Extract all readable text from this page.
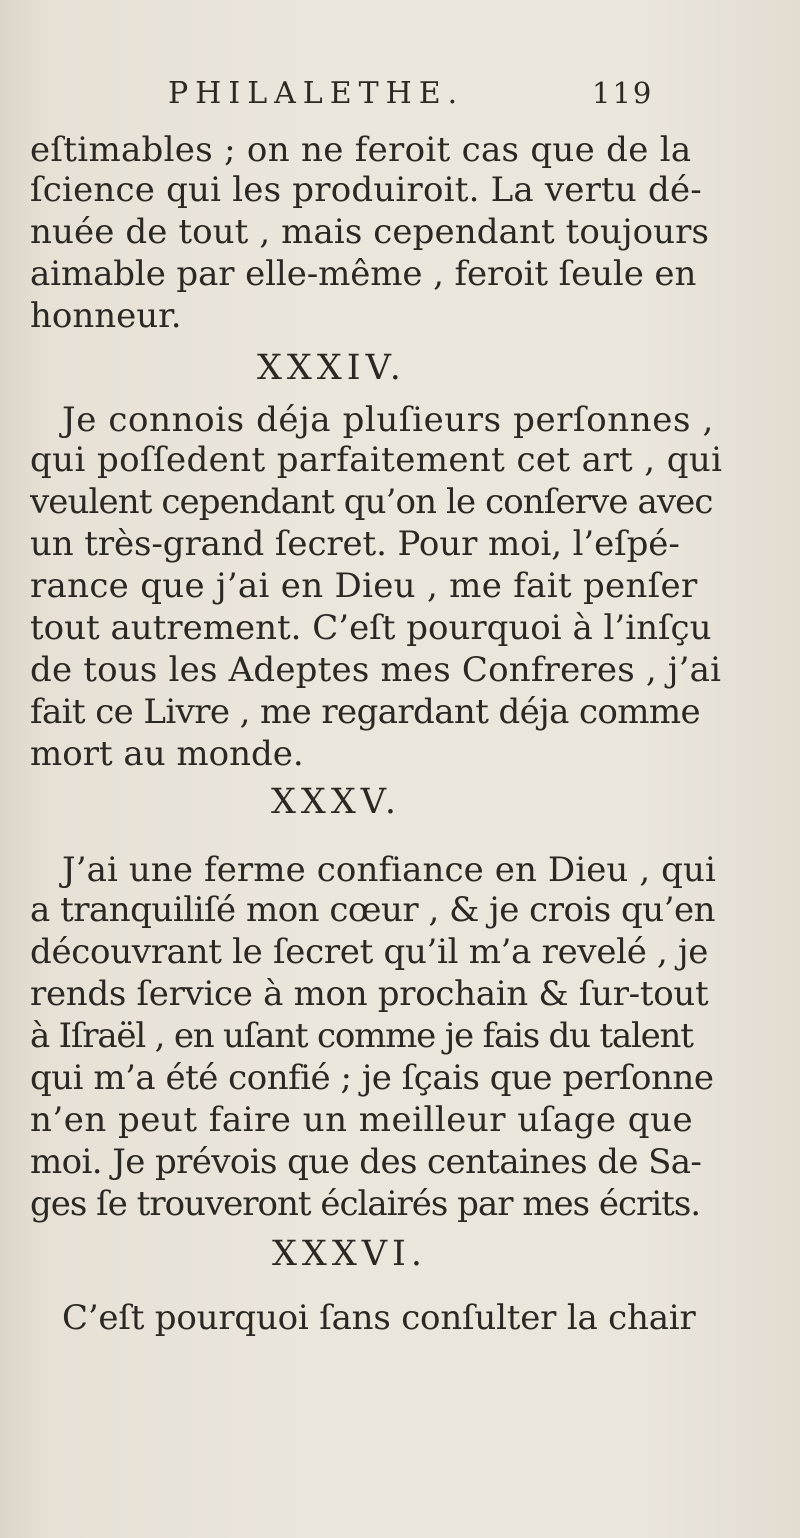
PHILALETHE.	119
eſtimables ; on ne feroit cas que de la
ſcience qui les produiroit. La vertu dé-
nuée de tout , mais cependant toujours
aimable par elle-même , feroit ſeule en
honneur.
XXXIV.
Je connois déja pluſieurs perſonnes ,
qui poſſedent parfaitement cet art , qui
veulent cependant qu’on le conſerve avec
un très-grand ſecret. Pour moi, l’eſpé-
rance que j’ai en Dieu , me fait penſer
tout autrement. C’eſt pourquoi à l’inſçu
de tous les Adeptes mes Confreres , j’ai
fait ce Livre , me regardant déja comme
mort au monde.
XXXV.
J’ai une ferme confiance en Dieu , qui
a tranquiliſé mon cœur , & je crois qu’en
découvrant le ſecret qu’il m’a revelé , je
rends ſervice à mon prochain & ſur-tout
à Iſraël , en uſant comme je fais du talent
qui m’a été confié ; je ſçais que perſonne
n’en peut faire un meilleur uſage que
moi. Je prévois que des centaines de Sa-
ges ſe trouveront éclairés par mes écrits.
XXXVI.
C’eſt pourquoi ſans conſulter la chair
